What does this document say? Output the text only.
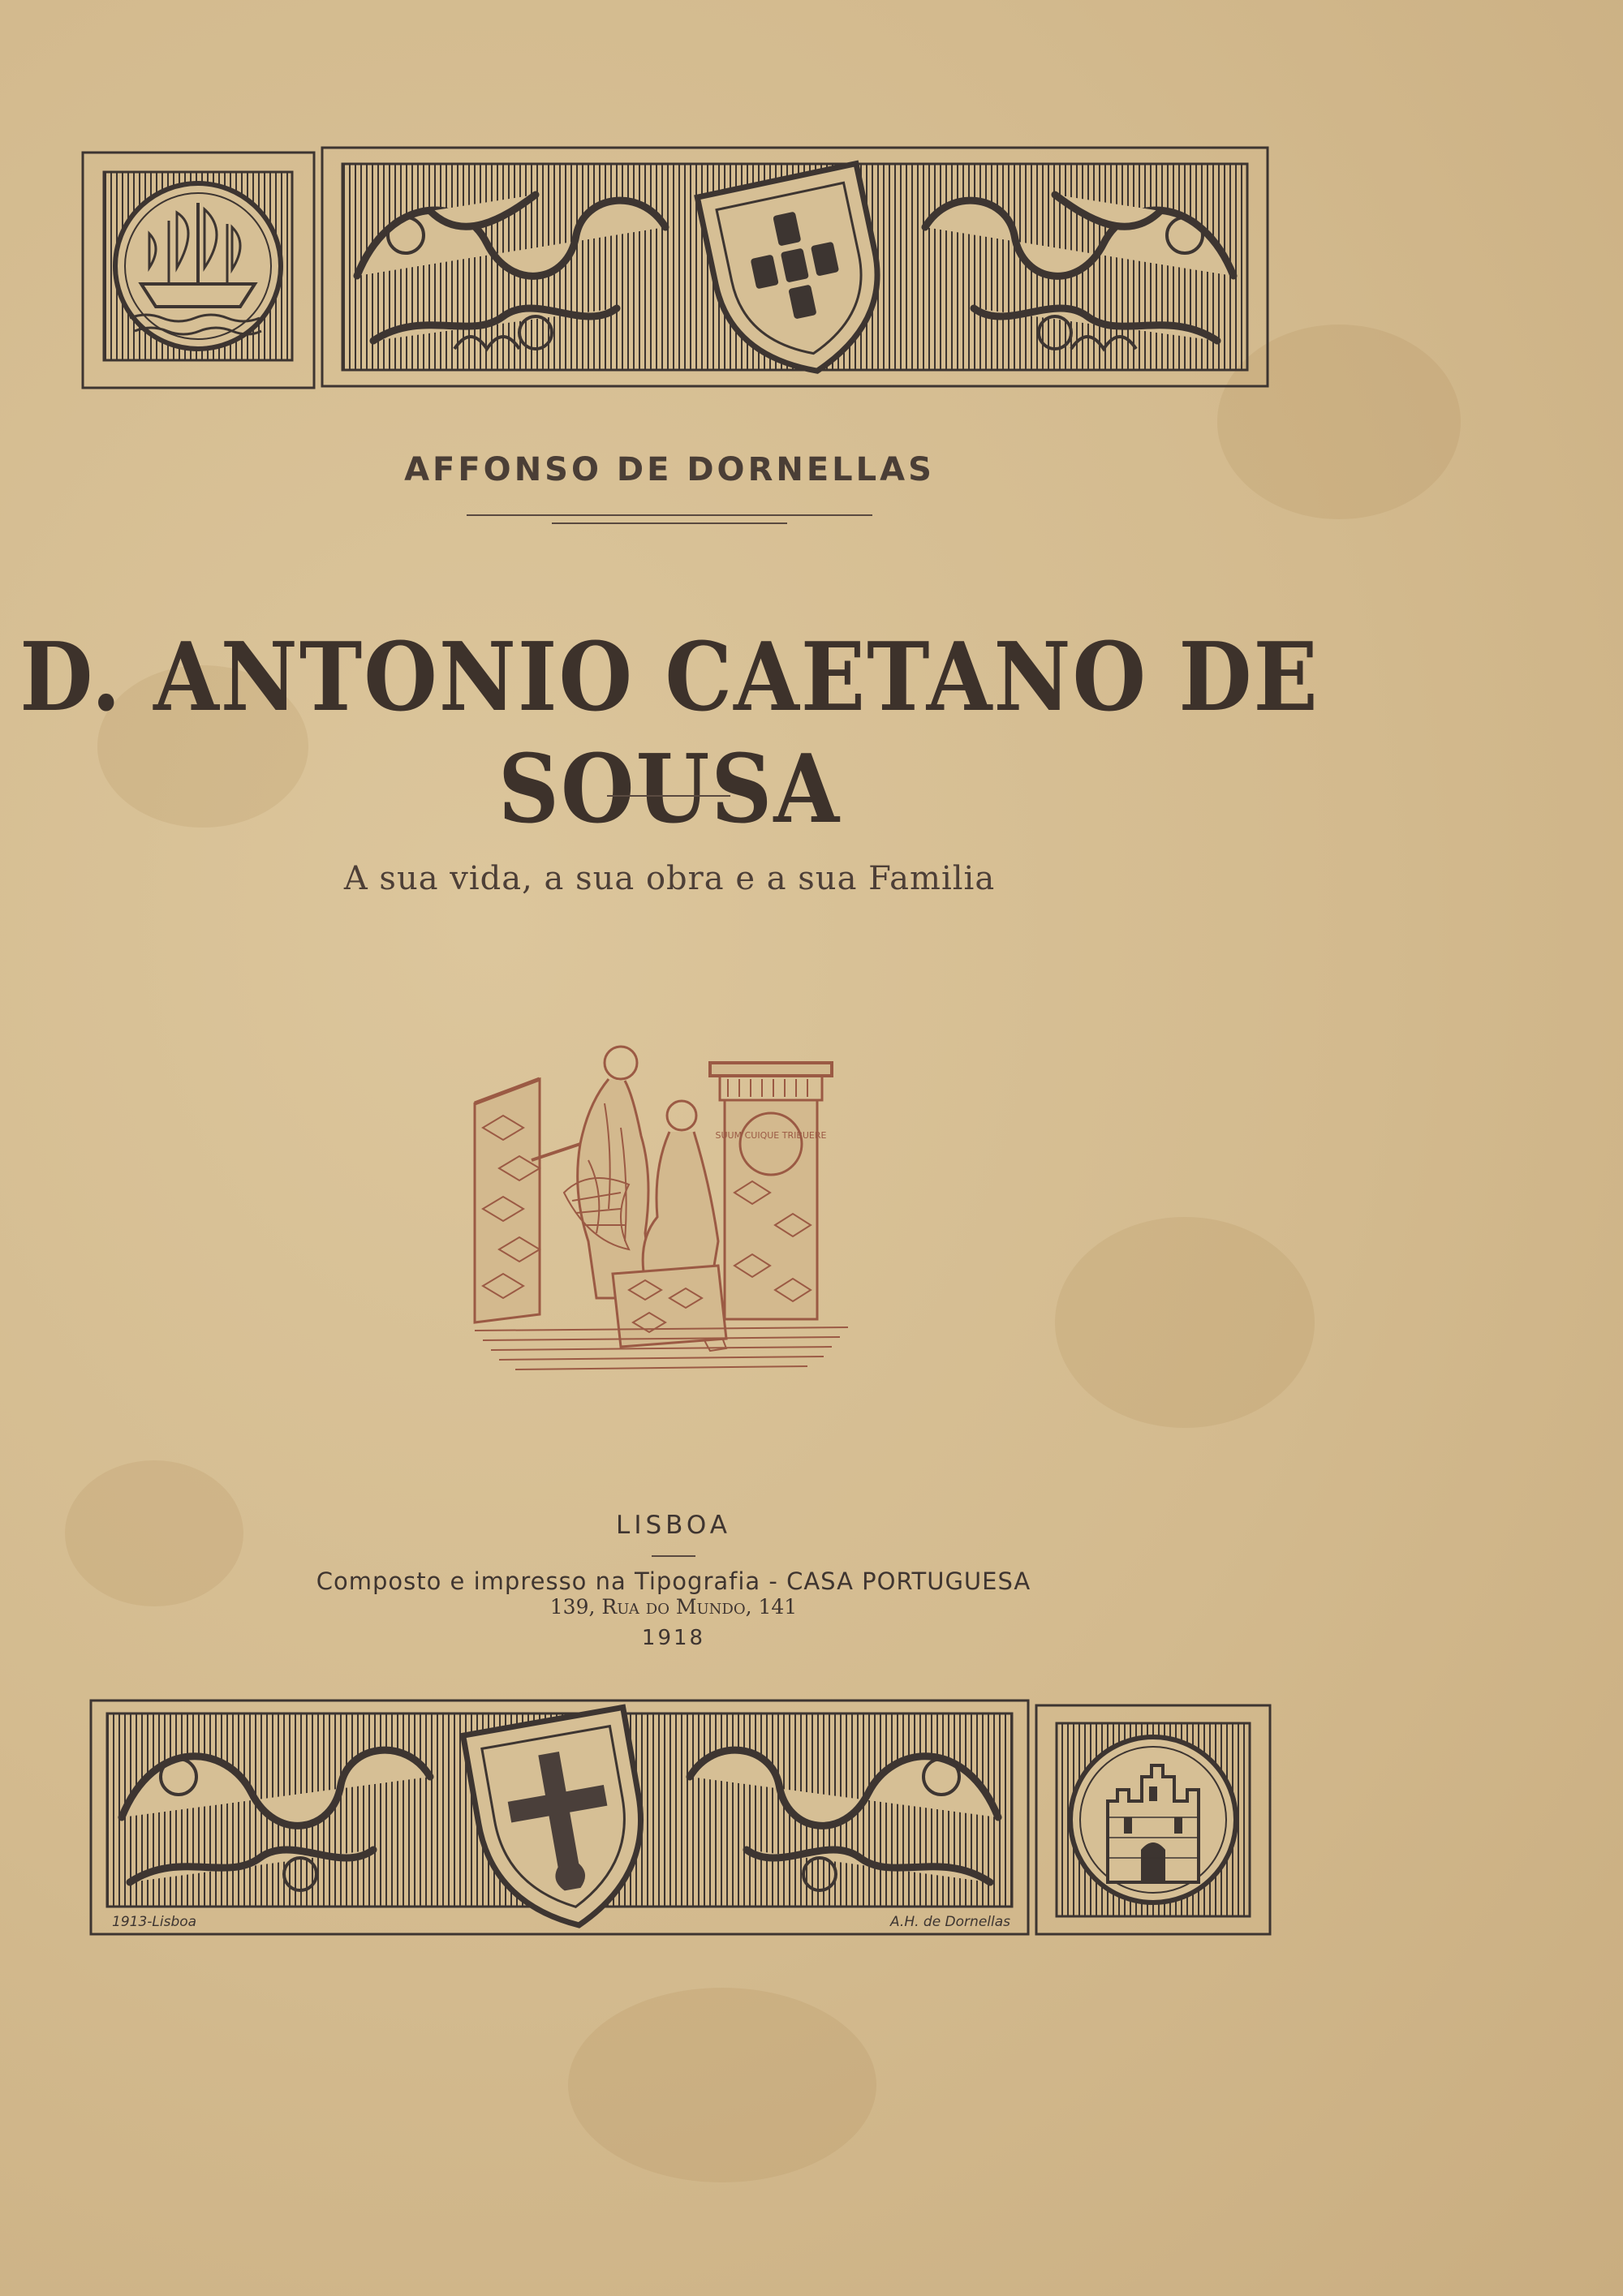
AFFONSO DE DORNELLAS
D. ANTONIO CAETANO DE SOUSA
A sua vida, a sua obra e a sua Familia
SUUM CUIQUE TRIBUERE
LISBOA
Composto e impresso na Tipografia - CASA PORTUGUESA
139, Rua do Mundo, 141
1918
1913-Lisboa	A.H. de Dornellas
